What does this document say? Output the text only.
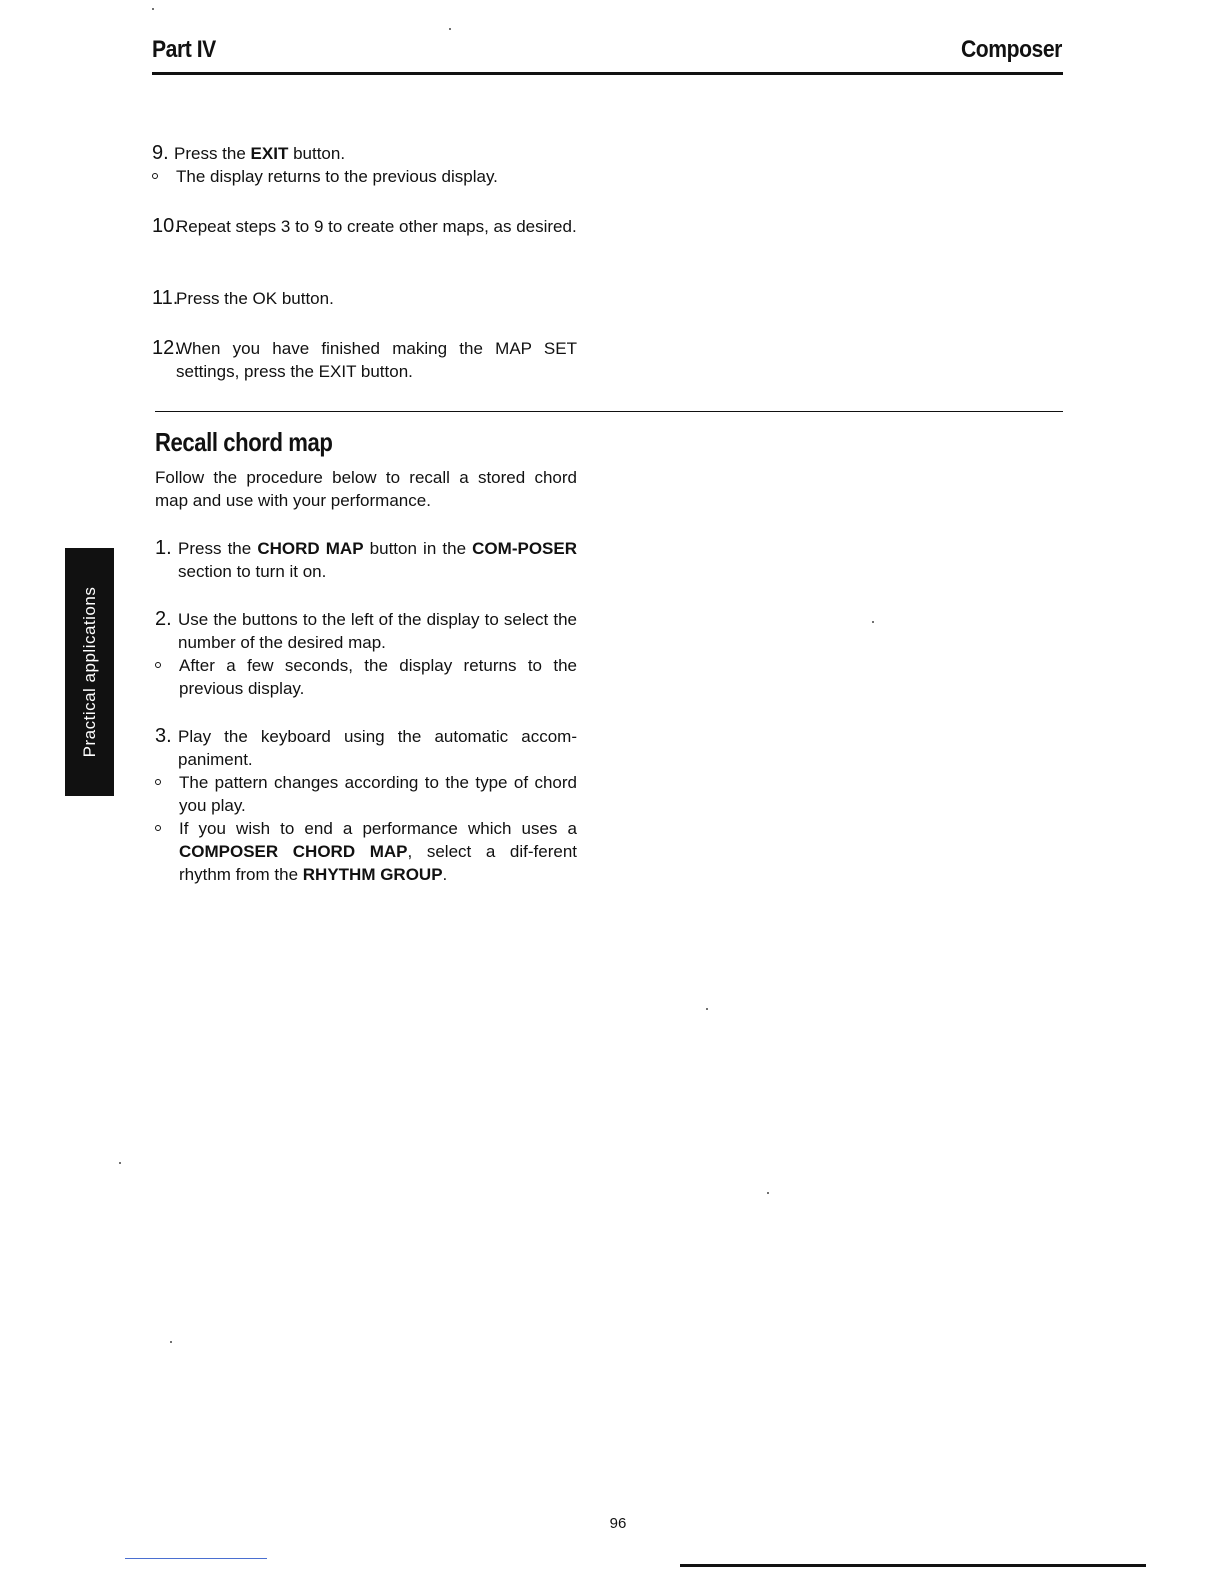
Part IV	Composer
9. Press the EXIT button.
The display returns to the previous display.
10.
Repeat steps 3 to 9 to create other maps, as desired.
11.
Press the OK button.
12.
When you have finished making the MAP SET settings, press the EXIT button.
Recall chord map
Follow the procedure below to recall a stored chord map and use with your performance.
1. Press the CHORD MAP button in the COM-POSER section to turn it on.
2. Use the buttons to the left of the display to select the number of the desired map.
After a few seconds, the display returns to the previous display.
3. Play the keyboard using the automatic accom-paniment.
The pattern changes according to the type of chord you play.
If you wish to end a performance which uses a COMPOSER CHORD MAP, select a dif-ferent rhythm from the RHYTHM GROUP.
Practical applications
96
